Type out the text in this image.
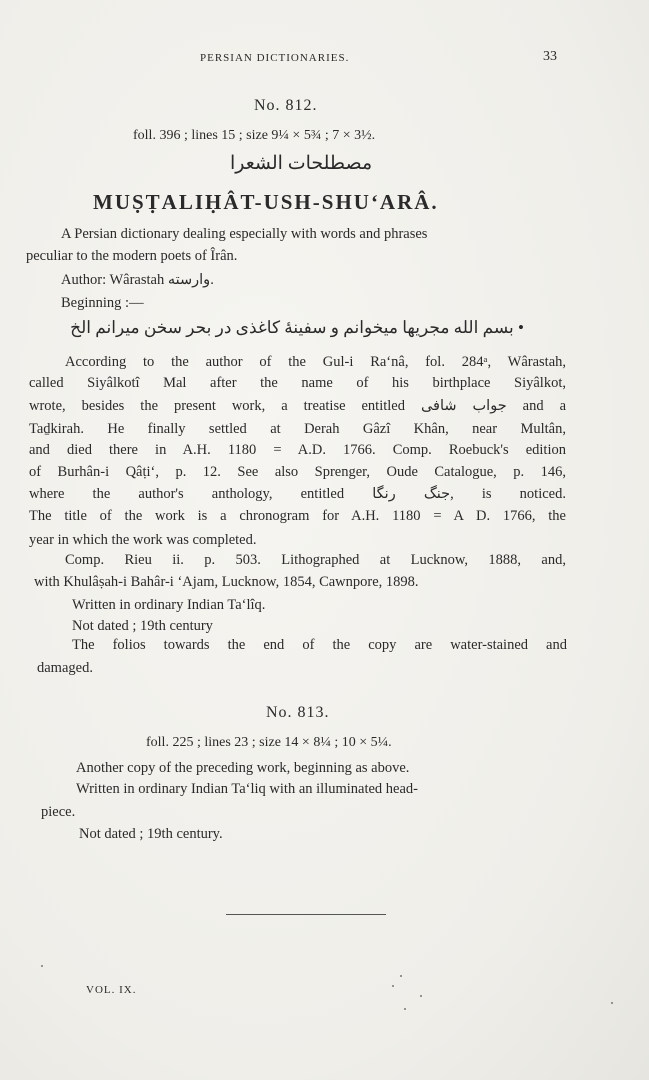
PERSIAN DICTIONARIES.	33
No. 812.
foll. 396 ; lines 15 ; size 9¼ × 5¾ ; 7 × 3½.
مصطلحات الشعرا
MUṢṬALIḤÂT-USH-SHU‘ARÂ.
A Persian dictionary dealing especially with words and phrases
peculiar to the modern poets of Îrân.
Author: Wârastah وارسته.
Beginning :—
• بسم الله مجریها میخوانم و سفینهٔ کاغذی در بحر سخن میرانم الخ
According to the author of the Gul-i Ra‘nâ, fol. 284ᵃ, Wârastah,
called Siyâlkotî Mal after the name of his birthplace Siyâlkot,
wrote, besides the present work, a treatise entitled جواب شافی and a
Taḏkirah. He finally settled at Derah Gâzî Khân, near Multân,
and died there in A.H. 1180 = A.D. 1766. Comp. Roebuck's edition
of Burhân-i Qâṭi‘, p. 12. See also Sprenger, Oude Catalogue, p. 146,
where the author's anthology, entitled جنگ رنگا, is noticed.
The title of the work is a chronogram for A.H. 1180 = A D. 1766, the
year in which the work was completed.
Comp. Rieu ii. p. 503. Lithographed at Lucknow, 1888, and,
with Khulâṣah-i Bahâr-i ‘Ajam, Lucknow, 1854, Cawnpore, 1898.
Written in ordinary Indian Ta‘lîq.
Not dated ; 19th century
The folios towards the end of the copy are water-stained and
damaged.
No. 813.
foll. 225 ; lines 23 ; size 14 × 8¼ ; 10 × 5¼.
Another copy of the preceding work, beginning as above.
Written in ordinary Indian Ta‘liq with an illuminated head-
piece.
Not dated ; 19th century.
VOL. IX.
